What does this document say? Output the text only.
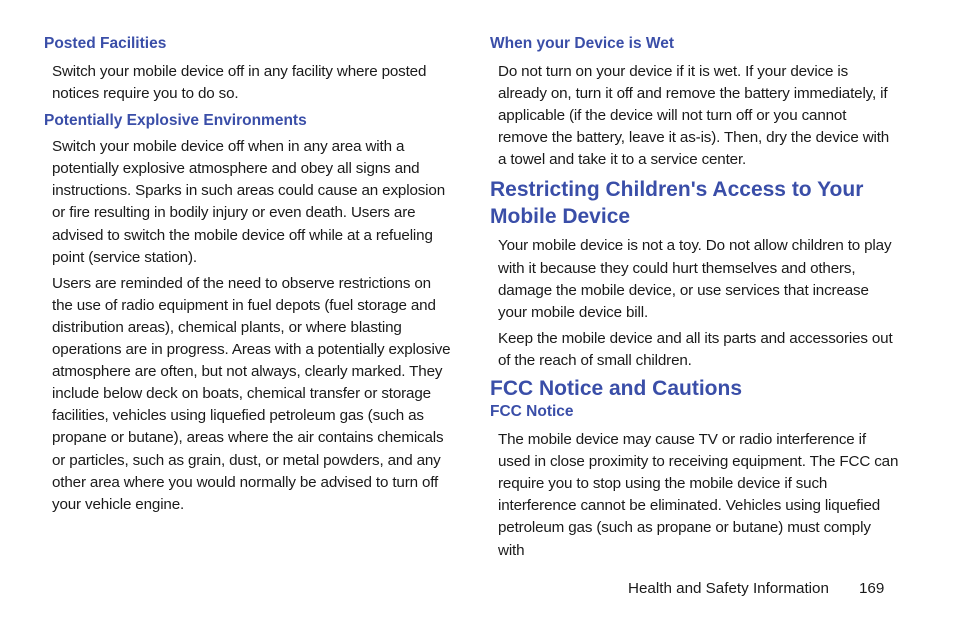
Posted Facilities

Switch your mobile device off in any facility where posted notices require you to do so.

Potentially Explosive Environments

Switch your mobile device off when in any area with a potentially explosive atmosphere and obey all signs and instructions. Sparks in such areas could cause an explosion or fire resulting in bodily injury or even death. Users are advised to switch the mobile device off while at a refueling point (service station).

Users are reminded of the need to observe restrictions on the use of radio equipment in fuel depots (fuel storage and distribution areas), chemical plants, or where blasting operations are in progress. Areas with a potentially explosive atmosphere are often, but not always, clearly marked. They include below deck on boats, chemical transfer or storage facilities, vehicles using liquefied petroleum gas (such as propane or butane), areas where the air contains chemicals or particles, such as grain, dust, or metal powders, and any other area where you would normally be advised to turn off your vehicle engine.

When your Device is Wet

Do not turn on your device if it is wet. If your device is already on, turn it off and remove the battery immediately, if applicable (if the device will not turn off or you cannot remove the battery, leave it as-is). Then, dry the device with a towel and take it to a service center.

Restricting Children's Access to Your Mobile Device

Your mobile device is not a toy. Do not allow children to play with it because they could hurt themselves and others, damage the mobile device, or use services that increase your mobile device bill.

Keep the mobile device and all its parts and accessories out of the reach of small children.

FCC Notice and Cautions
FCC Notice

The mobile device may cause TV or radio interference if used in close proximity to receiving equipment. The FCC can require you to stop using the mobile device if such interference cannot be eliminated. Vehicles using liquefied petroleum gas (such as propane or butane) must comply with

Health and Safety Information 169
